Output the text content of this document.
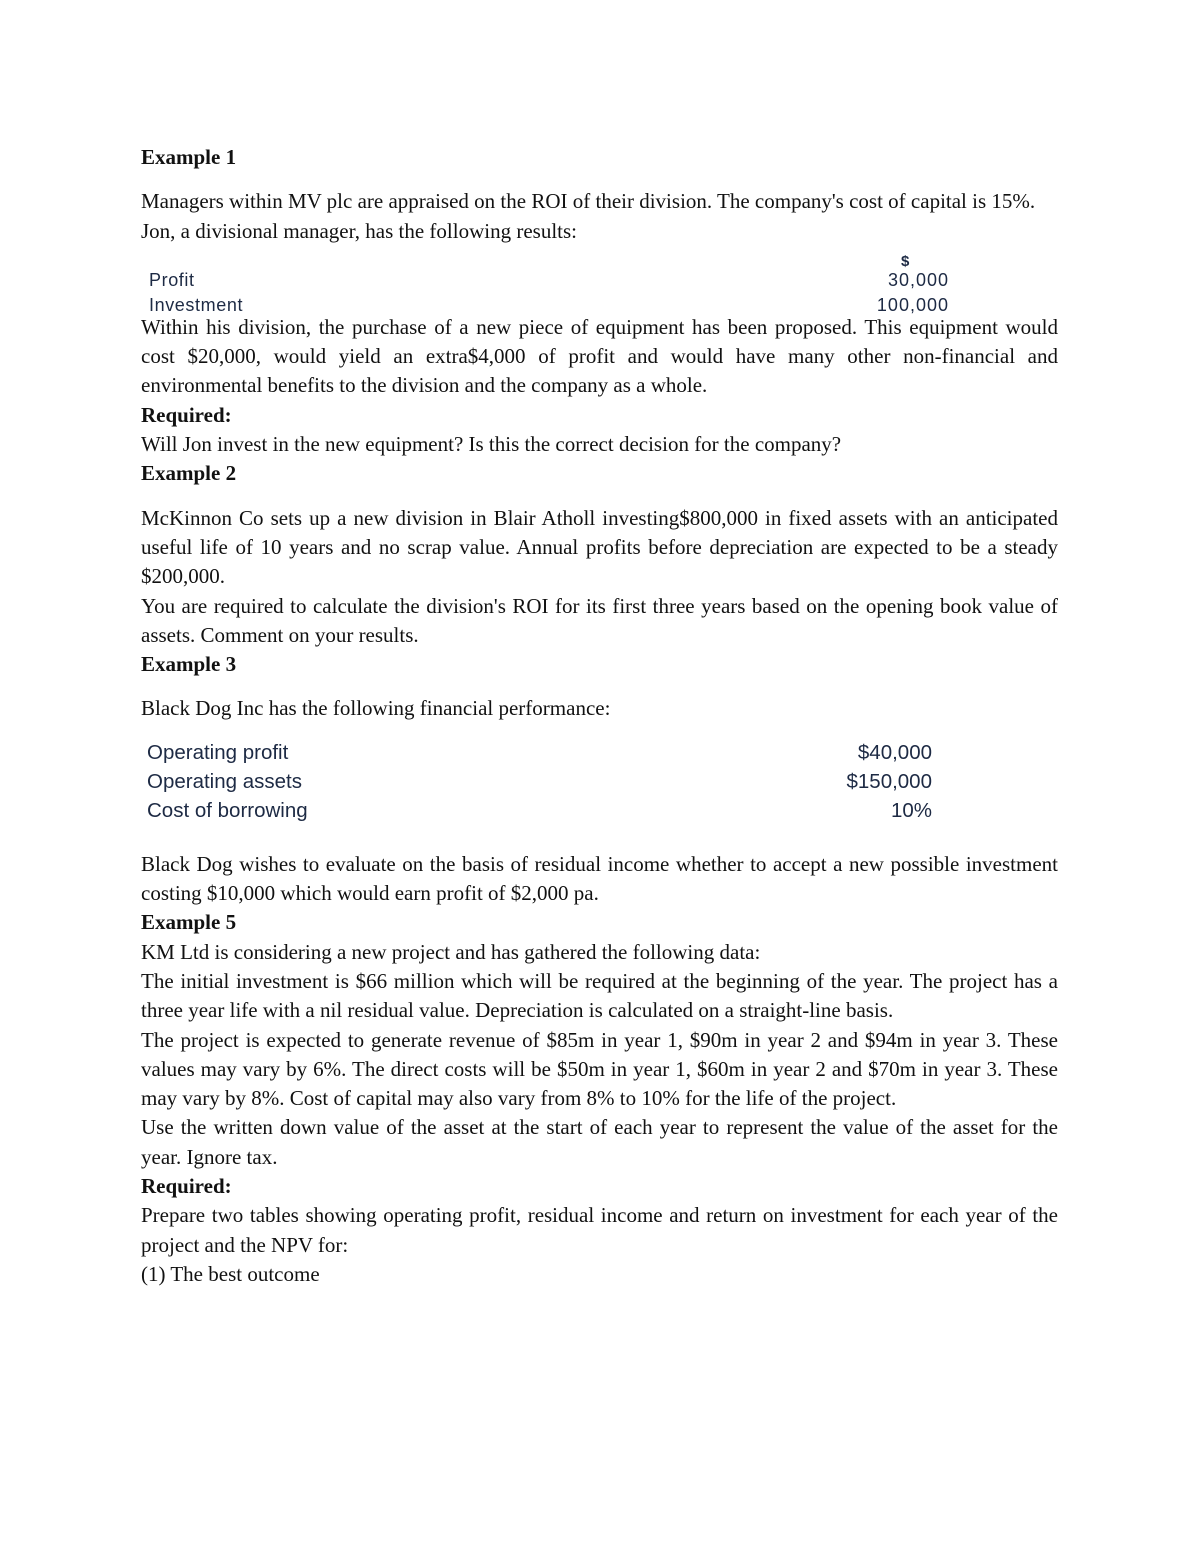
Example 1

Managers within MV plc are appraised on the ROI of their division. The company's cost of capital is 15%.

Jon, a divisional manager, has the following results:

$
Profit	30,000
Investment	100,000

Within his division, the purchase of a new piece of equipment has been proposed. This equipment would cost $20,000, would yield an extra$4,000 of profit and would have many other non-financial and environmental benefits to the division and the company as a whole.

Required:

Will Jon invest in the new equipment? Is this the correct decision for the company?

Example 2

McKinnon Co sets up a new division in Blair Atholl investing$800,000 in fixed assets with an anticipated useful life of 10 years and no scrap value. Annual profits before depreciation are expected to be a steady $200,000.

You are required to calculate the division's ROI for its first three years based on the opening book value of assets. Comment on your results.

Example 3

Black Dog Inc has the following financial performance:

Operating profit	$40,000
Operating assets	$150,000
Cost of borrowing	10%

Black Dog wishes to evaluate on the basis of residual income whether to accept a new possible investment costing $10,000 which would earn profit of $2,000 pa.

Example 5

KM Ltd is considering a new project and has gathered the following data:

The initial investment is $66 million which will be required at the beginning of the year. The project has a three year life with a nil residual value. Depreciation is calculated on a straight-line basis.

The project is expected to generate revenue of $85m in year 1, $90m in year 2 and $94m in year 3. These values may vary by 6%. The direct costs will be $50m in year 1, $60m in year 2 and $70m in year 3. These may vary by 8%. Cost of capital may also vary from 8% to 10% for the life of the project.

Use the written down value of the asset at the start of each year to represent the value of the asset for the year. Ignore tax.

Required:

Prepare two tables showing operating profit, residual income and return on investment for each year of the project and the NPV for:

(1) The best outcome
